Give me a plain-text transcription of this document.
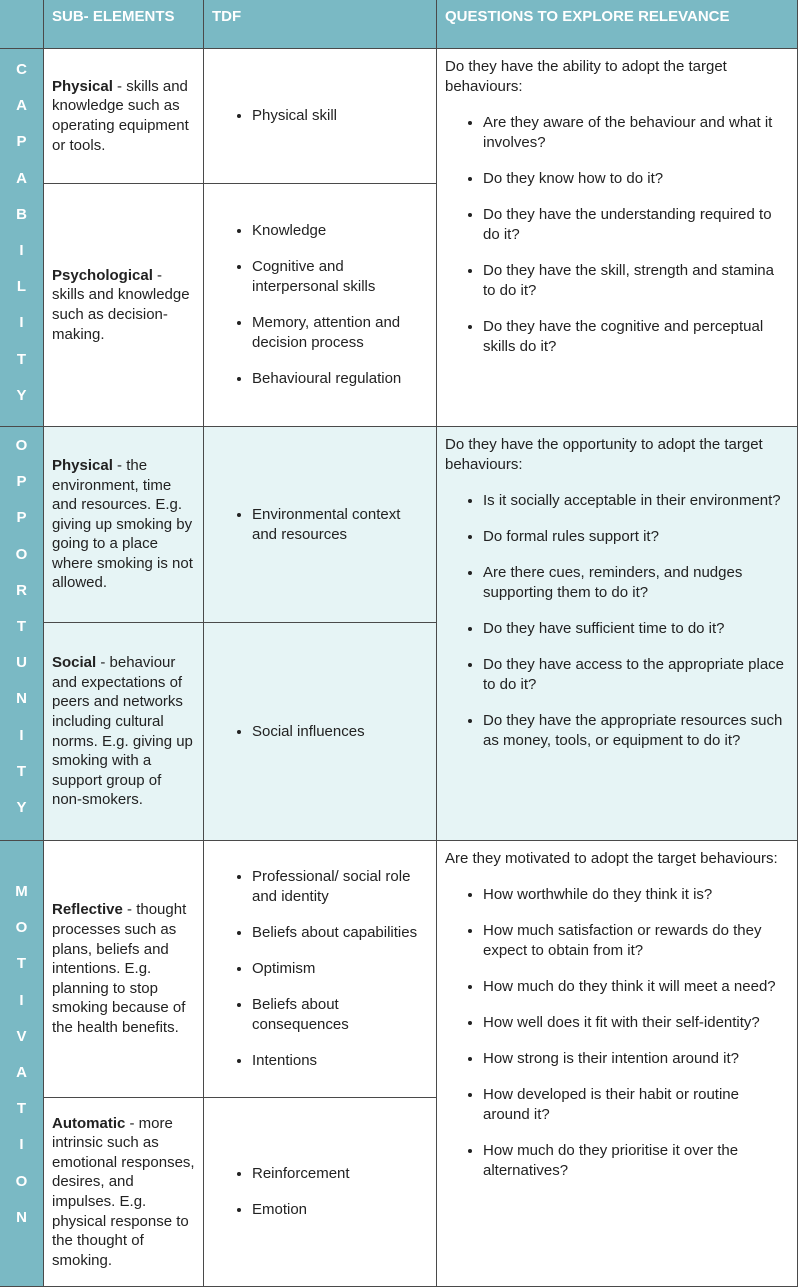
SUB- ELEMENTS	TDF	QUESTIONS TO EXPLORE RELEVANCE
C
A
P
A
B
I
L
I
T
Y
Physical - skills and knowledge such as operating equipment or tools.
• Physical skill
Psychological - skills and knowledge such as decision-making.
• Knowledge
• Cognitive and interpersonal skills
• Memory, attention and decision process
• Behavioural regulation

Do they have the ability to adopt the target behaviours:

• Are they aware of the behaviour and what it involves?
• Do they know how to do it?
• Do they have the understanding required to do it?
• Do they have the skill, strength and stamina to do it?
• Do they have the cognitive and perceptual skills do it?
O
P
P
O
R
T
U
N
I
T
Y
Physical - the environment, time and resources. E.g. giving up smoking by going to a place where smoking is not allowed.
• Environmental context and resources
Social - behaviour and expectations of peers and networks including cultural norms. E.g. giving up smoking with a support group of non-smokers.
• Social influences

Do they have the opportunity to adopt the target behaviours:

• Is it socially acceptable in their environment?
• Do formal rules support it?
• Are there cues, reminders, and nudges supporting them to do it?
• Do they have sufficient time to do it?
• Do they have access to the appropriate place to do it?
• Do they have the appropriate resources such as money, tools, or equipment to do it?
M
O
T
I
V
A
T
I
O
N
Reflective - thought processes such as plans, beliefs and intentions. E.g. planning to stop smoking because of the health benefits.
• Professional/ social role and identity
• Beliefs about capabilities
• Optimism
• Beliefs about consequences
• Intentions
Automatic - more intrinsic such as emotional responses, desires, and impulses. E.g. physical response to the thought of smoking.
• Reinforcement
• Emotion

Are they motivated to adopt the target behaviours:

• How worthwhile do they think it is?
• How much satisfaction or rewards do they expect to obtain from it?
• How much do they think it will meet a need?
• How well does it fit with their self-identity?
• How strong is their intention around it?
• How developed is their habit or routine around it?
• How much do they prioritise it over the alternatives?
